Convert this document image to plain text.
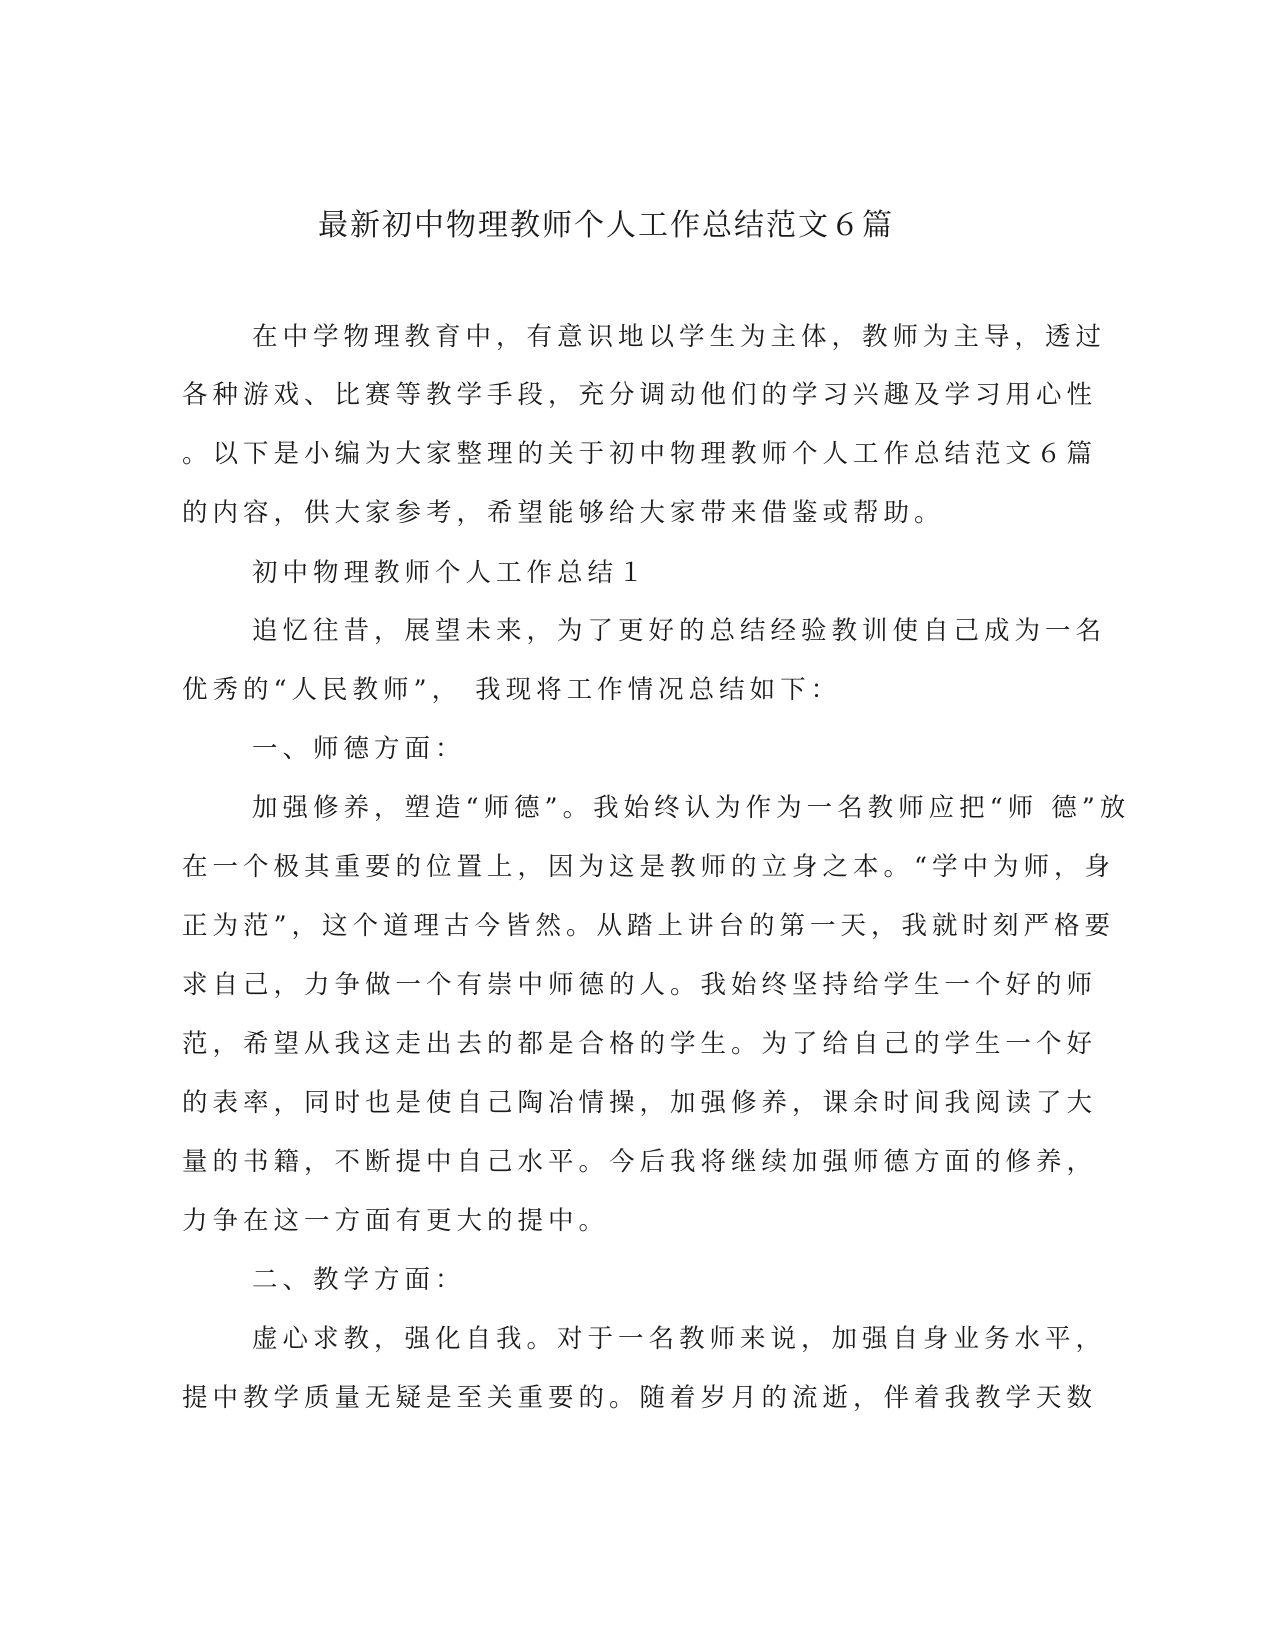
最新初中物理教师个人工作总结范文６篇
在中学物理教育中，有意识地以学生为主体，教师为主导，透过
各种游戏、比赛等教学手段，充分调动他们的学习兴趣及学习用心性
。以下是小编为大家整理的关于初中物理教师个人工作总结范文６篇
的内容，供大家参考，希望能够给大家带来借鉴或帮助。
初中物理教师个人工作总结１
追忆往昔，展望未来，为了更好的总结经验教训使自己成为一名
优秀的“人民教师”， 我现将工作情况总结如下：
一、师德方面：
加强修养，塑造“师德”。我始终认为作为一名教师应把“师 德”放
在一个极其重要的位置上，因为这是教师的立身之本。“学中为师，身
正为范”，这个道理古今皆然。从踏上讲台的第一天，我就时刻严格要
求自己，力争做一个有崇中师德的人。我始终坚持给学生一个好的师
范，希望从我这走出去的都是合格的学生。为了给自己的学生一个好
的表率，同时也是使自己陶冶情操，加强修养，课余时间我阅读了大
量的书籍，不断提中自己水平。今后我将继续加强师德方面的修养，
力争在这一方面有更大的提中。
二、教学方面：
虚心求教，强化自我。对于一名教师来说，加强自身业务水平，
提中教学质量无疑是至关重要的。随着岁月的流逝，伴着我教学天数
